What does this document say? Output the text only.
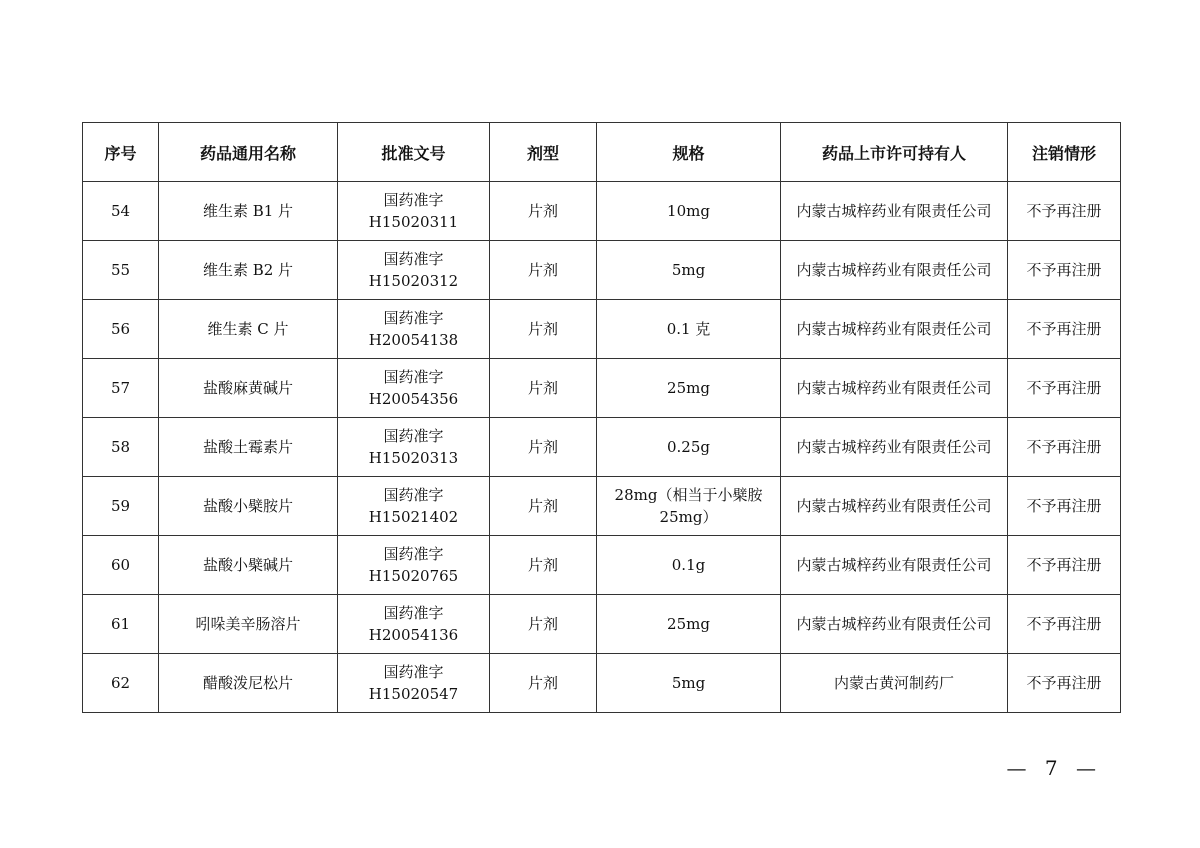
序号	药品通用名称	批准文号	剂型	规格	药品上市许可持有人	注销情形
54	维生素 B1 片	国药准字
H15020311	片剂	10mg	内蒙古城梓药业有限责任公司	不予再注册
55	维生素 B2 片	国药准字
H15020312	片剂	5mg	内蒙古城梓药业有限责任公司	不予再注册
56	维生素 C 片	国药准字
H20054138	片剂	0.1 克	内蒙古城梓药业有限责任公司	不予再注册
57	盐酸麻黄碱片	国药准字
H20054356	片剂	25mg	内蒙古城梓药业有限责任公司	不予再注册
58	盐酸土霉素片	国药准字
H15020313	片剂	0.25g	内蒙古城梓药业有限责任公司	不予再注册
59	盐酸小檗胺片	国药准字
H15021402	片剂	28mg（相当于小檗胺
25mg）	内蒙古城梓药业有限责任公司	不予再注册
60	盐酸小檗碱片	国药准字
H15020765	片剂	0.1g	内蒙古城梓药业有限责任公司	不予再注册
61	吲哚美辛肠溶片	国药准字
H20054136	片剂	25mg	内蒙古城梓药业有限责任公司	不予再注册
62	醋酸泼尼松片	国药准字
H15020547	片剂	5mg	内蒙古黄河制药厂	不予再注册
— 7 —
